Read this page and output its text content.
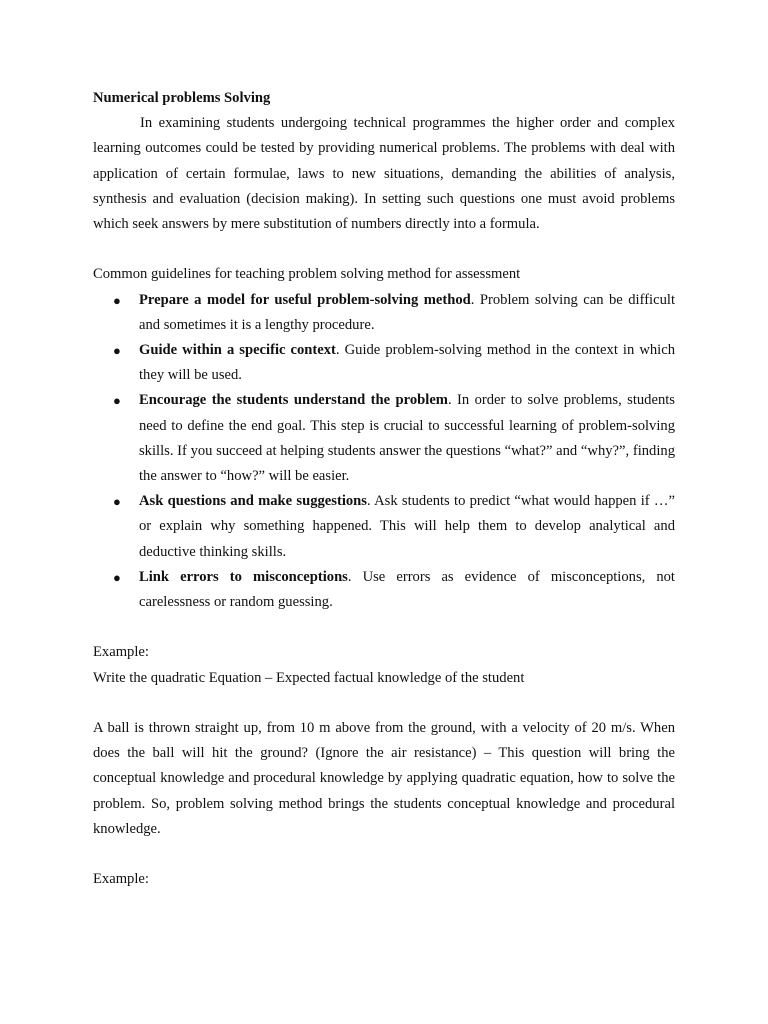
Numerical problems Solving

In examining students undergoing technical programmes the higher order and complex learning outcomes could be tested by providing numerical problems. The problems with deal with application of certain formulae, laws to new situations, demanding the abilities of analysis, synthesis and evaluation (decision making). In setting such questions one must avoid problems which seek answers by mere substitution of numbers directly into a formula.

Common guidelines for teaching problem solving method for assessment

● Prepare a model for useful problem-solving method. Problem solving can be difficult and sometimes it is a lengthy procedure.
● Guide within a specific context. Guide problem-solving method in the context in which they will be used.
● Encourage the students understand the problem. In order to solve problems, students need to define the end goal. This step is crucial to successful learning of problem-solving skills. If you succeed at helping students answer the questions “what?” and “why?”, finding the answer to “how?” will be easier.
● Ask questions and make suggestions. Ask students to predict “what would happen if …” or explain why something happened. This will help them to develop analytical and deductive thinking skills.
● Link errors to misconceptions. Use errors as evidence of misconceptions, not carelessness or random guessing.

Example:

Write the quadratic Equation – Expected factual knowledge of the student

A ball is thrown straight up, from 10 m above from the ground, with a velocity of 20 m/s. When does the ball will hit the ground? (Ignore the air resistance) – This question will bring the conceptual knowledge and procedural knowledge by applying quadratic equation, how to solve the problem. So, problem solving method brings the students conceptual knowledge and procedural knowledge.

Example:
